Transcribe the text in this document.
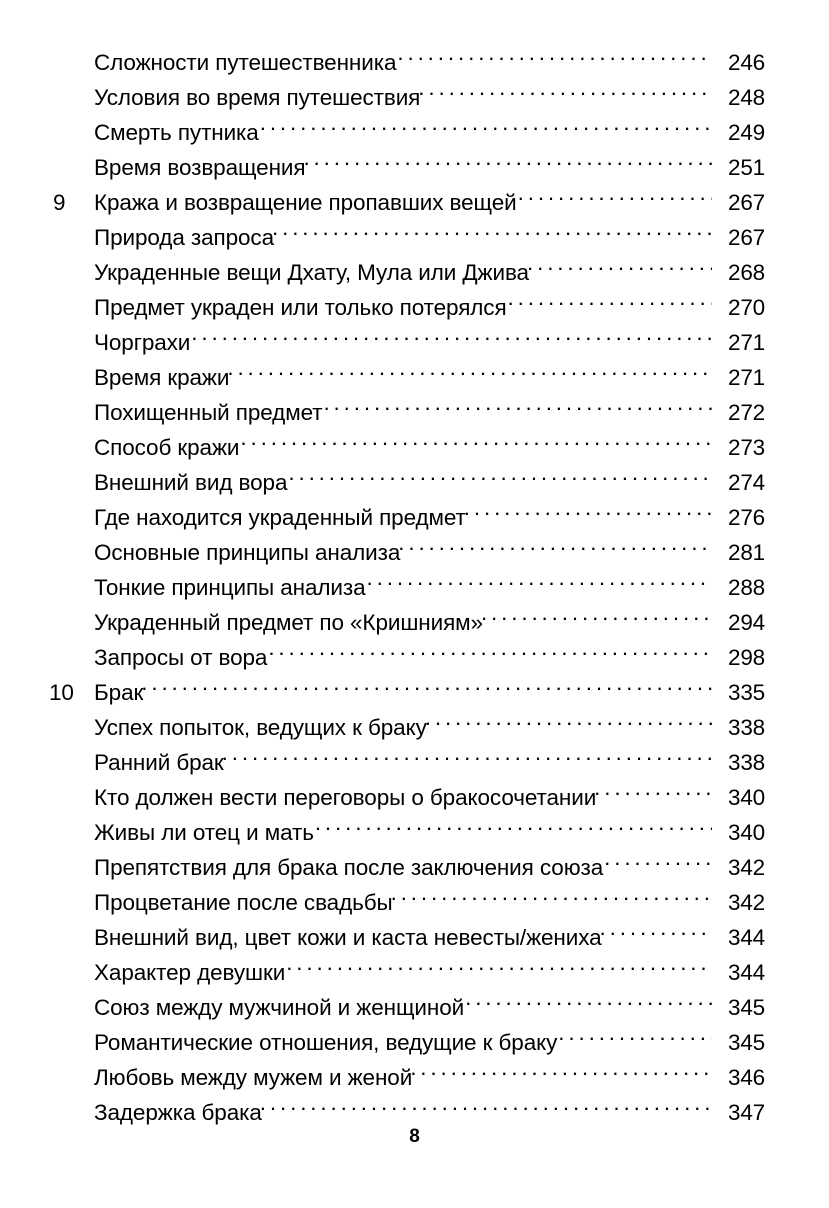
Сложности путешественника . . .	246
Условия во время путешествия . . .	248
Смерть путника . . .	249
Время возвращения . . .	251
9	Кража и возвращение пропавших вещей . . .	267
Природа запроса . . .	267
Украденные вещи Дхату, Мула или Джива . . .	268
Предмет украден или только потерялся . . .	270
Чорграхи . . .	271
Время кражи . . .	271
Похищенный предмет . . .	272
Способ кражи . . .	273
Внешний вид вора . . .	274
Где находится украденный предмет . . .	276
Основные принципы анализа . . .	281
Тонкие принципы анализа . . .	288
Украденный предмет по «Кришниям» . . .	294
Запросы от вора . . .	298
10 Брак . . .	335
Успех попыток, ведущих к браку . . .	338
Ранний брак . . .	338
Кто должен вести переговоры о бракосочетании . . .	340
Живы ли отец и мать . . .	340
Препятствия для брака после заключения союза . . .	342
Процветание после свадьбы . . .	342
Внешний вид, цвет кожи и каста невесты/жениха . . .	344
Характер девушки . . .	344
Союз между мужчиной и женщиной . . .	345
Романтические отношения, ведущие к браку . . .	345
Любовь между мужем и женой . . .	346
Задержка брака . . .	347
8
